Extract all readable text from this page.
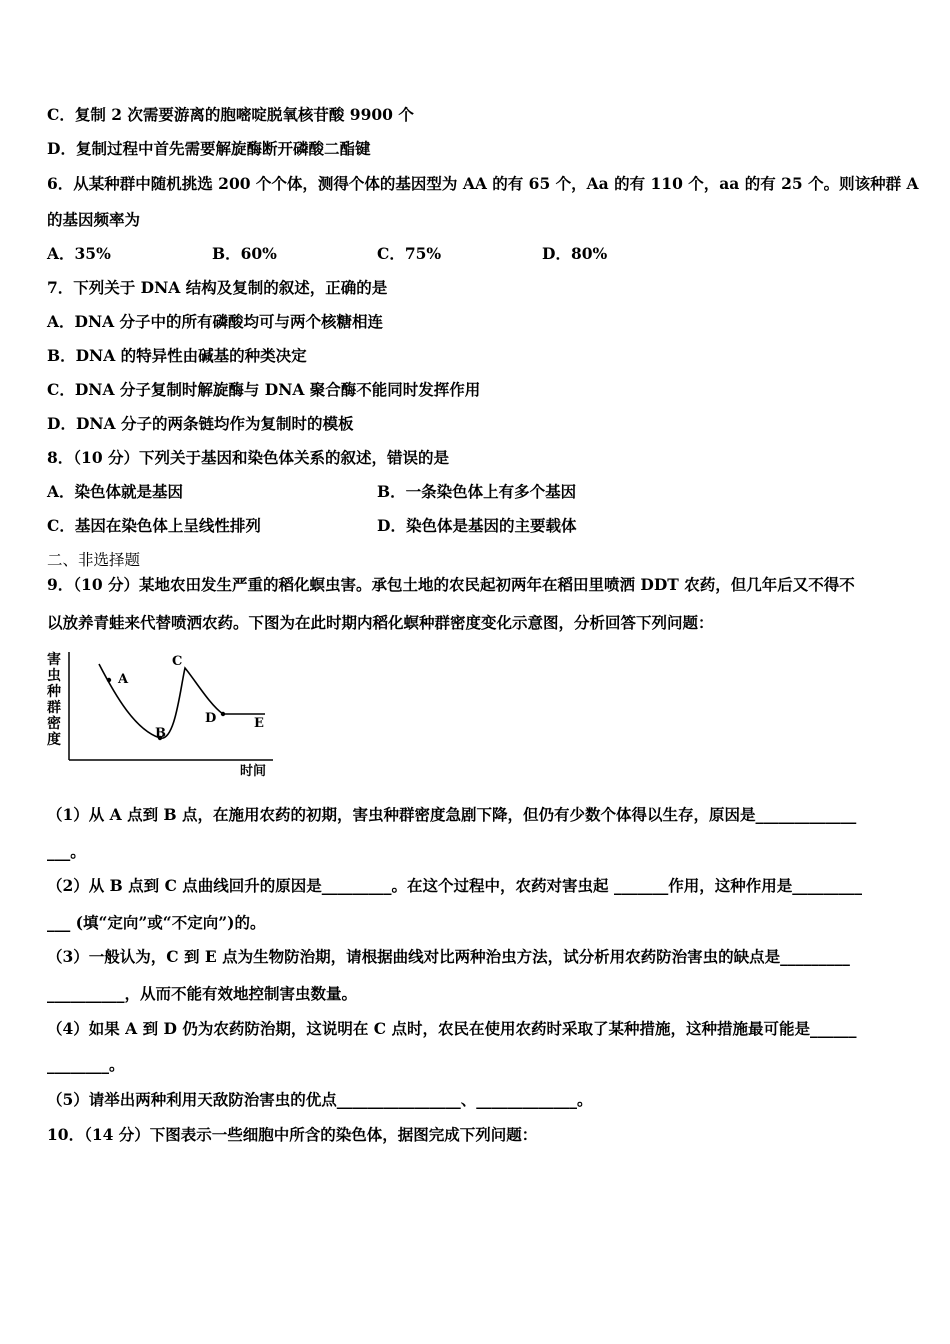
C．复制 2 次需要游离的胞嘧啶脱氧核苷酸 9900 个
D．复制过程中首先需要解旋酶断开磷酸二酯键
6．从某种群中随机挑选 200 个个体，测得个体的基因型为 AA 的有 65 个，Aa 的有 110 个，aa 的有 25 个。则该种群 A
的基因频率为
A．35%	B．60%	C．75%	D．80%
7．下列关于 DNA 结构及复制的叙述，正确的是
A．DNA 分子中的所有磷酸均可与两个核糖相连
B．DNA 的特异性由碱基的种类决定
C．DNA 分子复制时解旋酶与 DNA 聚合酶不能同时发挥作用
D．DNA 分子的两条链均作为复制时的模板
8．（10 分）下列关于基因和染色体关系的叙述，错误的是
A．染色体就是基因	B．一条染色体上有多个基因
C．基因在染色体上呈线性排列	D．染色体是基因的主要载体
二、非选择题
9．（10 分）某地农田发生严重的稻化螟虫害。承包土地的农民起初两年在稻田里喷洒 DDT 农药，但几年后又不得不
以放养青蛙来代替喷洒农药。下图为在此时期内稻化螟种群密度变化示意图，分析回答下列问题：
害
虫
种
群
密
度
A
B
C
D	E
时间
（1）从 A 点到 B 点，在施用农药的初期，害虫种群密度急剧下降，但仍有少数个体得以生存，原因是_____________
___。
（2）从 B 点到 C 点曲线回升的原因是_________。在这个过程中，农药对害虫起 _______作用，这种作用是_________
___ (填“定向”或“不定向”)的。
（3）一般认为，C 到 E 点为生物防治期，请根据曲线对比两种治虫方法，试分析用农药防治害虫的缺点是_________
__________，从而不能有效地控制害虫数量。
（4）如果 A 到 D 仍为农药防治期，这说明在 C 点时，农民在使用农药时采取了某种措施，这种措施最可能是______
________。
（5）请举出两种利用天敌防治害虫的优点________________、_____________。
10．（14 分）下图表示一些细胞中所含的染色体，据图完成下列问题：
